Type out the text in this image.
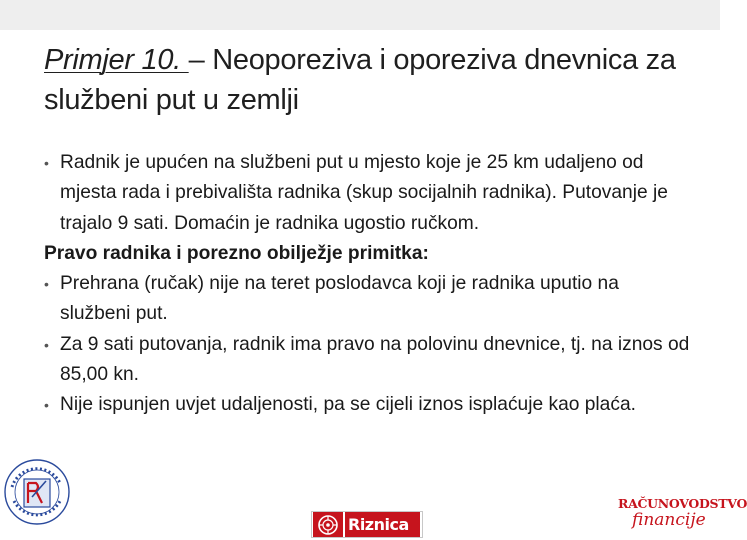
Primjer 10. – Neoporeziva i oporeziva dnevnica za službeni put u zemlji
• Radnik je upućen na službeni put u mjesto koje je 25 km udaljeno od mjesta rada i prebivališta radnika (skup socijalnih radnika). Putovanje je trajalo 9 sati. Domaćin je radnika ugostio ručkom.
Pravo radnika i porezno obilježje primitka:
• Prehrana (ručak) nije na teret poslodavca koji je radnika uputio na službeni put.
• Za 9 sati putovanja, radnik ima pravo na polovinu dnevnice, tj. na iznos od 85,00 kn.
• Nije ispunjen uvjet udaljenosti, pa se cijeli iznos isplaćuje kao plaća.
Riznica
RAČUNOVODSTVO
financije
